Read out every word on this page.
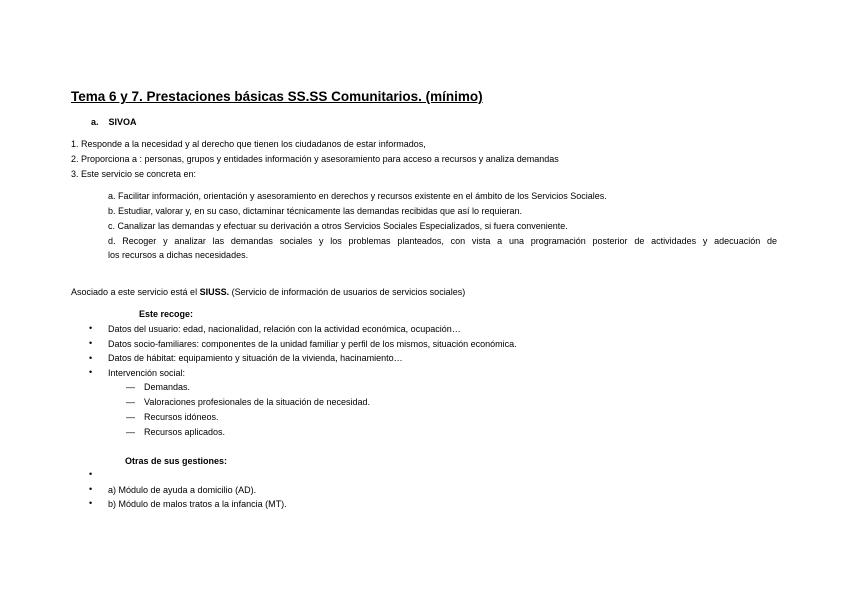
Tema 6 y 7. Prestaciones básicas SS.SS Comunitarios. (mínimo)
a. SIVOA
1. Responde a la necesidad y al derecho que tienen los ciudadanos de estar informados,
2. Proporciona a : personas, grupos y entidades información y asesoramiento para acceso a recursos y analiza demandas
3. Este servicio se concreta en:
a. Facilitar información, orientación y asesoramiento en derechos y recursos existente en el ámbito de los Servicios Sociales.
b. Estudiar, valorar y, en su caso, dictaminar técnicamente las demandas recibidas que así lo requieran.
c. Canalizar las demandas y efectuar su derivación a otros Servicios Sociales Especializados, si fuera conveniente.
d. Recoger y analizar las demandas sociales y los problemas planteados, con vista a una programación posterior de actividades y adecuación de
los recursos a dichas necesidades.
Asociado a este servicio está el SIUSS. (Servicio de información de usuarios de servicios sociales)
Este recoge:
• Datos del usuario: edad, nacionalidad, relación con la actividad económica, ocupación…
• Datos socio-familiares: componentes de la unidad familiar y perfil de los mismos, situación económica.
• Datos de hábitat: equipamiento y situación de la vivienda, hacinamiento…
• Intervención social:
— Demandas.
— Valoraciones profesionales de la situación de necesidad.
— Recursos idóneos.
— Recursos aplicados.
Otras de sus gestiones:
•
• a) Módulo de ayuda a domicilio (AD).
• b) Módulo de malos tratos a la infancia (MT).
